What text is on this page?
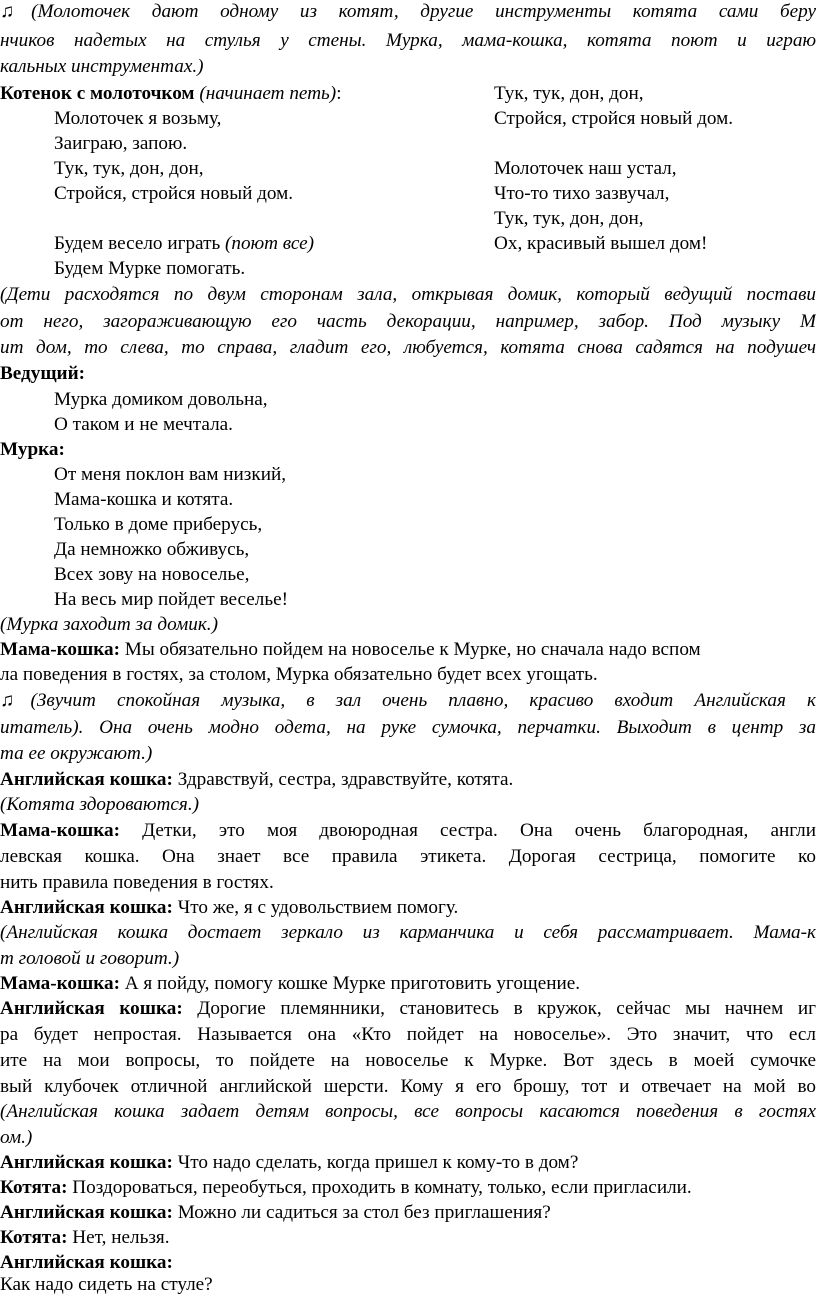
♫(Молоточек дают одному из котят, другие инструменты котята сами беру
нчиков надетых на стулья у стены. Мурка, мама-кошка, котята поют и играю
кальных инструментах.)
Котенок с молоточком (начинает петь):
Молоточек я возьму,
Заиграю, запою.
Тук, тук, дон, дон,
Стройся, стройся новый дом.
Будем весело играть (поют все)
Будем Мурке помогать.
Тук, тук, дон, дон,
Стройся, стройся новый дом.
Молоточек наш устал,
Что-то тихо зазвучал,
Тук, тук, дон, дон,
Ох, красивый вышел дом!
(Дети расходятся по двум сторонам зала, открывая домик, который ведущий постави
от него, загораживающую его часть декорации, например, забор. Под музыку М
ит дом, то слева, то справа, гладит его, любуется, котята снова садятся на подушеч
Ведущий:
Мурка домиком довольна,
О таком и не мечтала.
Мурка:
От меня поклон вам низкий,
Мама-кошка и котята.
Только в доме приберусь,
Да немножко обживусь,
Всех зову на новоселье,
На весь мир пойдет веселье!
(Мурка заходит за домик.)
Мама-кошка: Мы обязательно пойдем на новоселье к Мурке, но сначала надо вспом
ла поведения в гостях, за столом, Мурка обязательно будет всех угощать.
♫(Звучит спокойная музыка, в зал очень плавно, красиво входит Английская к
итатель). Она очень модно одета, на руке сумочка, перчатки. Выходит в центр за
та ее окружают.)
Английская кошка: Здравствуй, сестра, здравствуйте, котята.
(Котята здороваются.)
Мама-кошка: Детки, это моя двоюродная сестра. Она очень благородная, англи
левская кошка. Она знает все правила этикета. Дорогая сестрица, помогите ко
нить правила поведения в гостях.
Английская кошка: Что же, я с удовольствием помогу.
(Английская кошка достает зеркало из карманчика и себя рассматривает. Мама-к
т головой и говорит.)
Мама-кошка: А я пойду, помогу кошке Мурке приготовить угощение.
Английская кошка: Дорогие племянники, становитесь в кружок, сейчас мы начнем иг
ра будет непростая. Называется она «Кто пойдет на новоселье». Это значит, что есл
ите на мои вопросы, то пойдете на новоселье к Мурке. Вот здесь в моей сумочке
вый клубочек отличной английской шерсти. Кому я его брошу, тот и отвечает на мой во
(Английская кошка задает детям вопросы, все вопросы касаются поведения в гостях
ом.)
Английская кошка: Что надо сделать, когда пришел к кому-то в дом?
Котята: Поздороваться, переобуться, проходить в комнату, только, если пригласили.
Английская кошка: Можно ли садиться за стол без приглашения?
Котята: Нет, нельзя.
Английская кошка:
Как надо сидеть на стуле?
